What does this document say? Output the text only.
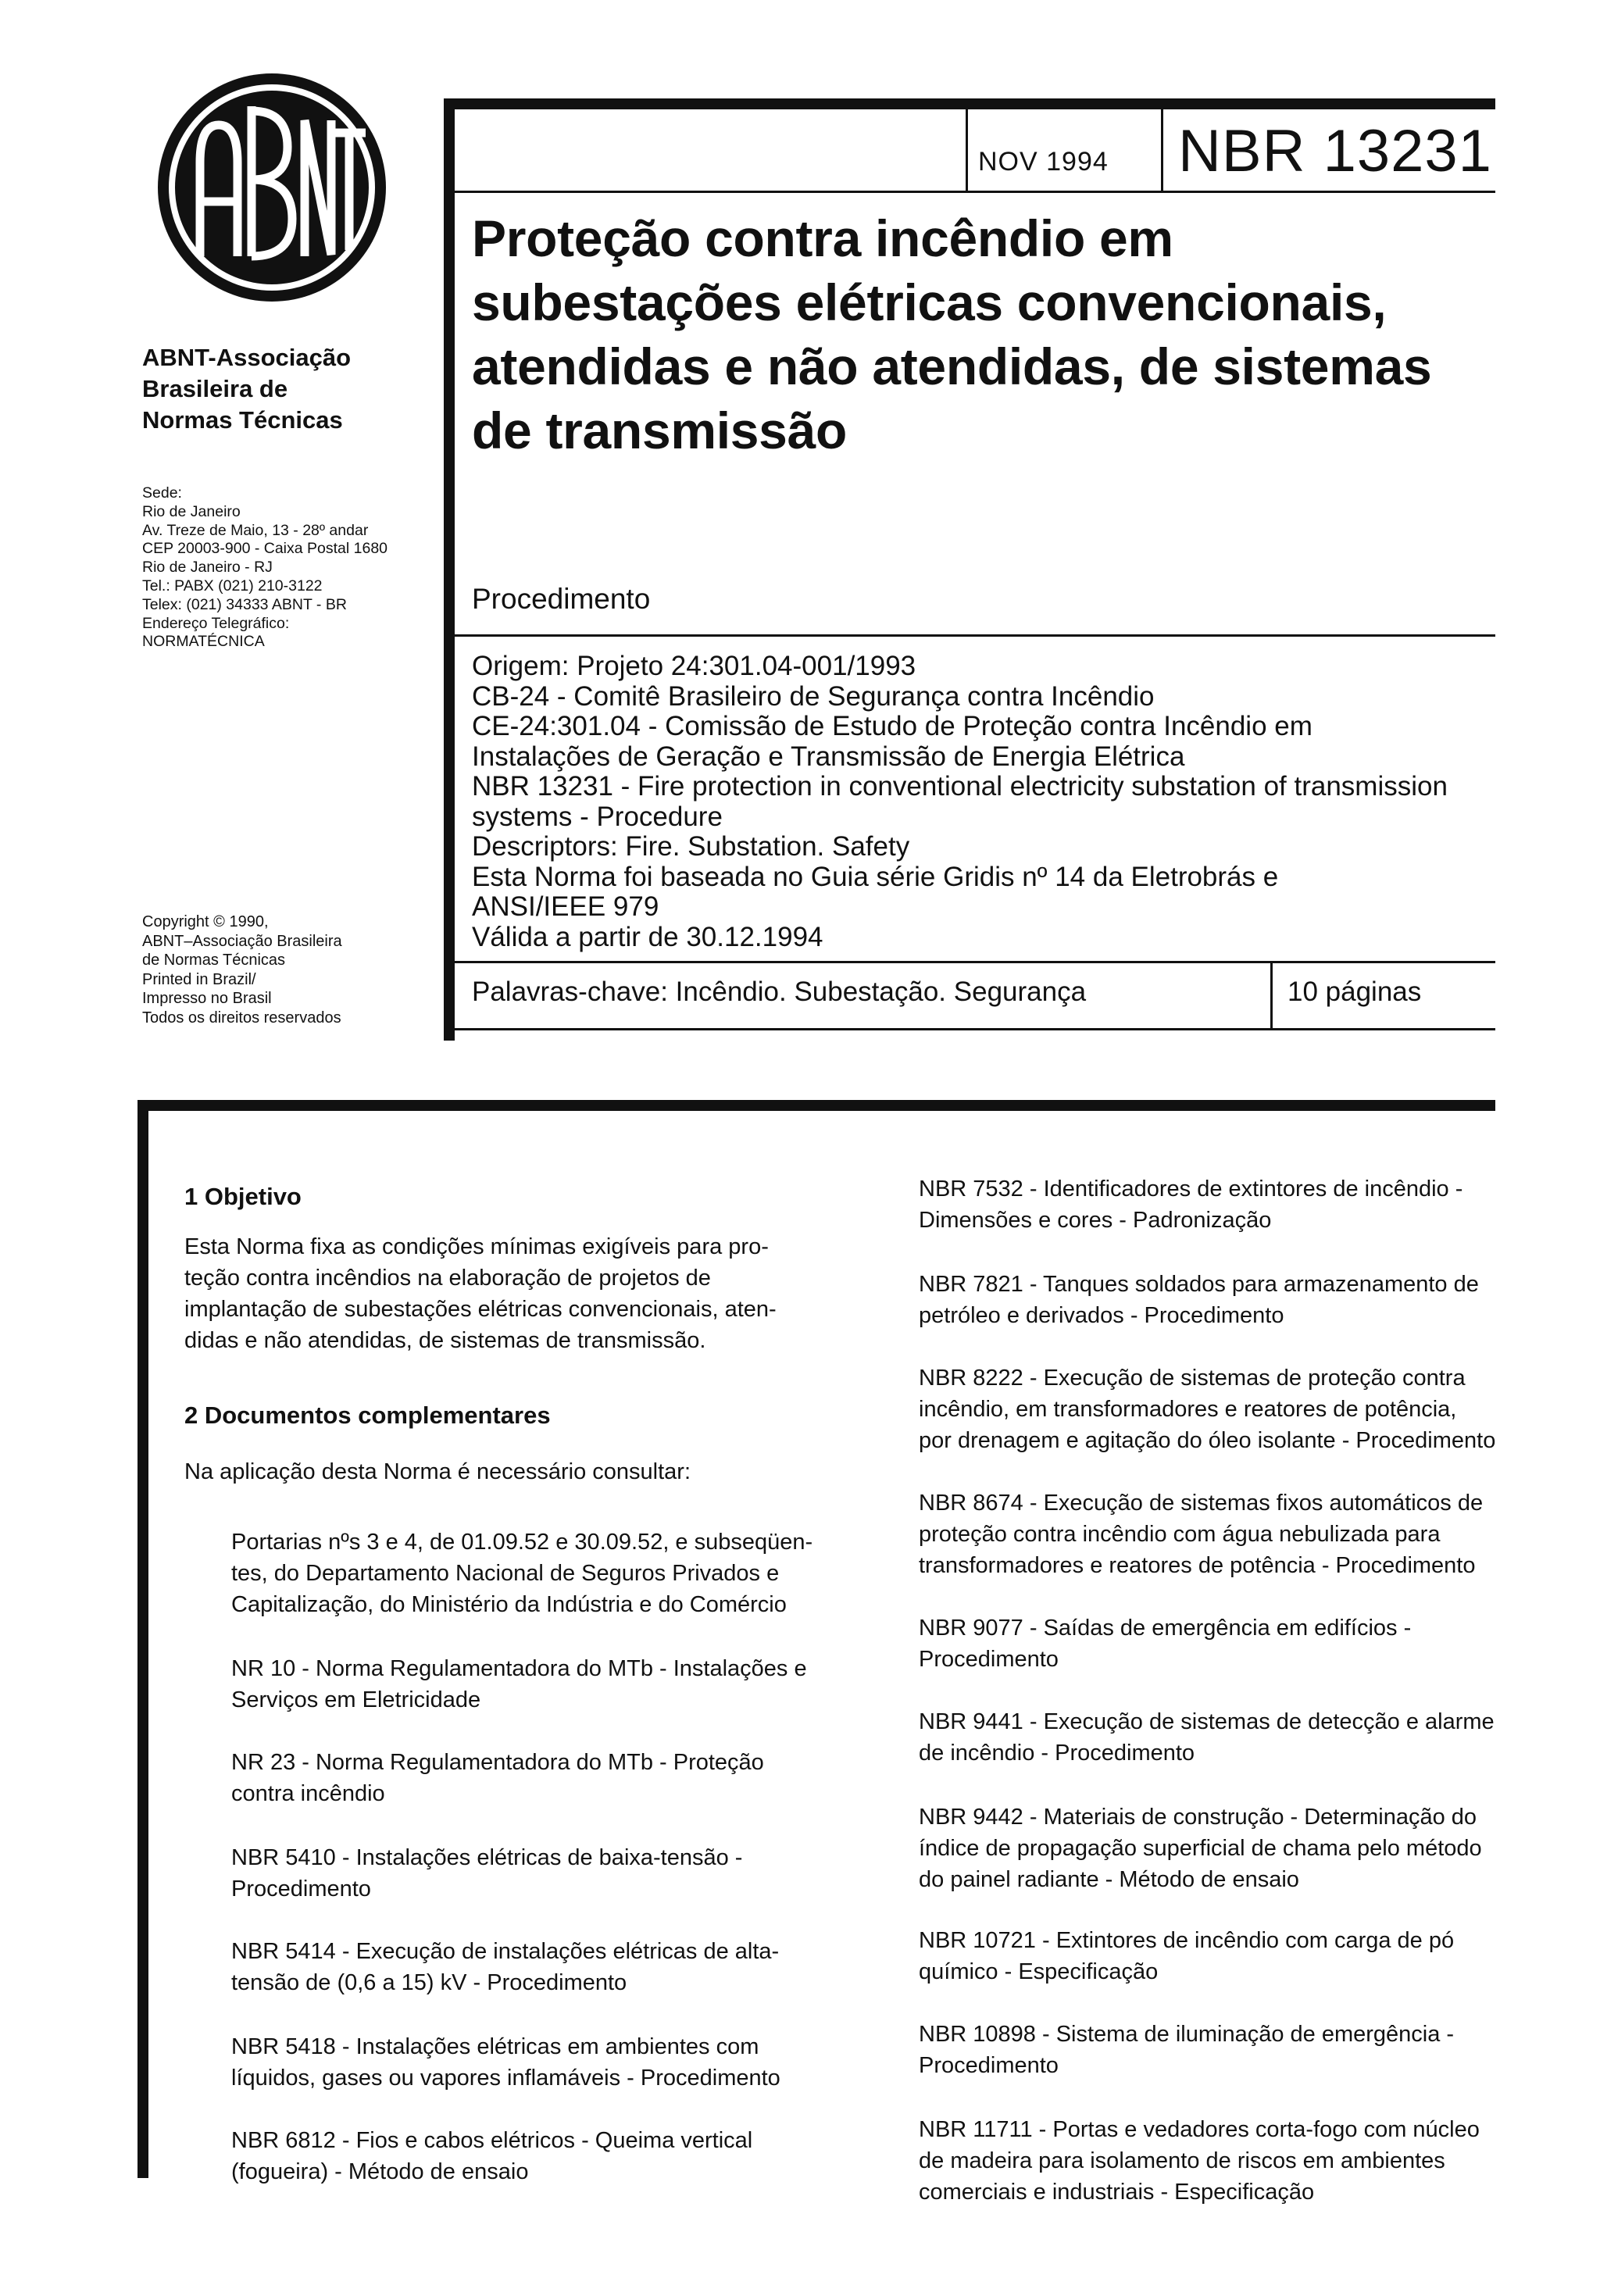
ABNT-Associação
Brasileira de
Normas Técnicas
Sede:
Rio de Janeiro
Av. Treze de Maio, 13 - 28º andar
CEP 20003-900 - Caixa Postal 1680
Rio de Janeiro - RJ
Tel.: PABX (021) 210-3122
Telex: (021) 34333 ABNT - BR
Endereço Telegráfico:
NORMATÉCNICA
Copyright © 1990,
ABNT–Associação Brasileira
de Normas Técnicas
Printed in Brazil/
Impresso no Brasil
Todos os direitos reservados
NOV 1994 NBR 13231
Proteção contra incêndio em
subestações elétricas convencionais,
atendidas e não atendidas, de sistemas
de transmissão
Procedimento
Origem: Projeto 24:301.04-001/1993
CB-24 - Comitê Brasileiro de Segurança contra Incêndio
CE-24:301.04 - Comissão de Estudo de Proteção contra Incêndio em
Instalações de Geração e Transmissão de Energia Elétrica
NBR 13231 - Fire protection in conventional electricity substation of transmission
systems - Procedure
Descriptors: Fire. Substation. Safety
Esta Norma foi baseada no Guia série Gridis nº 14 da Eletrobrás e
ANSI/IEEE 979
Válida a partir de 30.12.1994
Palavras-chave: Incêndio. Subestação. Segurança	10 páginas
1 Objetivo
Esta Norma fixa as condições mínimas exigíveis para pro-
teção contra incêndios na elaboração de projetos de
implantação de subestações elétricas convencionais, aten-
didas e não atendidas, de sistemas de transmissão.
2 Documentos complementares
Na aplicação desta Norma é necessário consultar:
Portarias nºs 3 e 4, de 01.09.52 e 30.09.52, e subseqüen-
tes, do Departamento Nacional de Seguros Privados e
Capitalização, do Ministério da Indústria e do Comércio
NR 10 - Norma Regulamentadora do MTb - Instalações e
Serviços em Eletricidade
NR 23 - Norma Regulamentadora do MTb - Proteção
contra incêndio
NBR 5410 - Instalações elétricas de baixa-tensão -
Procedimento
NBR 5414 - Execução de instalações elétricas de alta-
tensão de (0,6 a 15) kV - Procedimento
NBR 5418 - Instalações elétricas em ambientes com
líquidos, gases ou vapores inflamáveis - Procedimento
NBR 6812 - Fios e cabos elétricos - Queima vertical
(fogueira) - Método de ensaio
NBR 7532 - Identificadores de extintores de incêndio -
Dimensões e cores - Padronização
NBR 7821 - Tanques soldados para armazenamento de
petróleo e derivados - Procedimento
NBR 8222 - Execução de sistemas de proteção contra
incêndio, em transformadores e reatores de potência,
por drenagem e agitação do óleo isolante - Procedimento
NBR 8674 - Execução de sistemas fixos automáticos de
proteção contra incêndio com água nebulizada para
transformadores e reatores de potência - Procedimento
NBR 9077 - Saídas de emergência em edifícios -
Procedimento
NBR 9441 - Execução de sistemas de detecção e alarme
de incêndio - Procedimento
NBR 9442 - Materiais de construção - Determinação do
índice de propagação superficial de chama pelo método
do painel radiante - Método de ensaio
NBR 10721 - Extintores de incêndio com carga de pó
químico - Especificação
NBR 10898 - Sistema de iluminação de emergência -
Procedimento
NBR 11711 - Portas e vedadores corta-fogo com núcleo
de madeira para isolamento de riscos em ambientes
comerciais e industriais - Especificação
